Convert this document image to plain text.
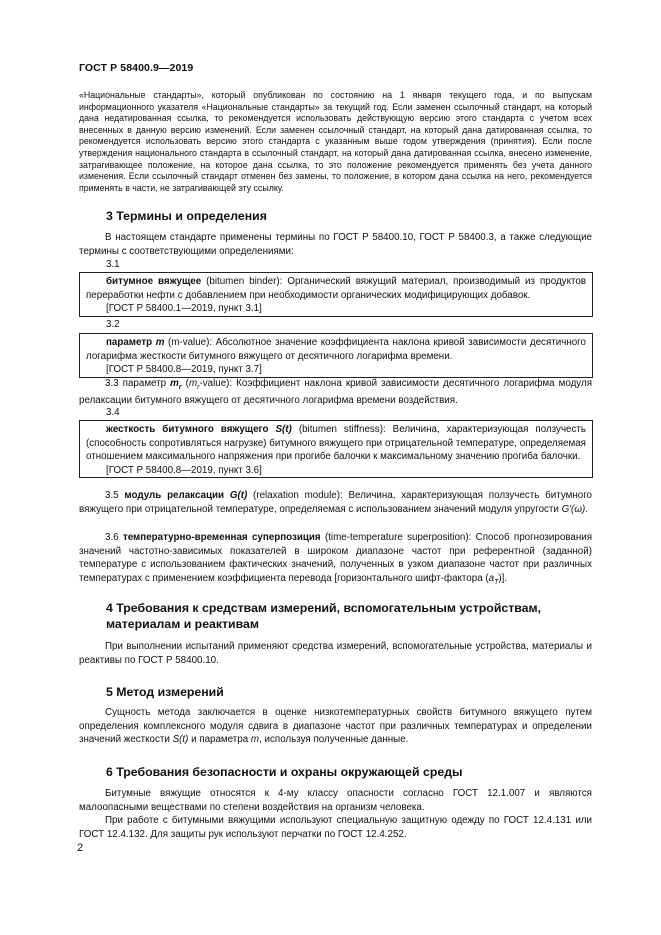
ГОСТ Р 58400.9—2019
«Национальные стандарты», который опубликован по состоянию на 1 января текущего года, и по выпускам информационного указателя «Национальные стандарты» за текущий год. Если заменен ссылочный стандарт, на который дана недатированная ссылка, то рекомендуется использовать действующую версию этого стандарта с учетом всех внесенных в данную версию изменений. Если заменен ссылочный стандарт, на который дана датированная ссылка, то рекомендуется использовать версию этого стандарта с указанным выше годом утверждения (принятия). Если после утверждения национального стандарта в ссылочный стандарт, на который дана датированная ссылка, внесено изменение, затрагивающее положение, на которое дана ссылка, то это положение рекомендуется применять без учета данного изменения. Если ссылочный стандарт отменен без замены, то положение, в котором дана ссылка на него, рекомендуется применять в части, не затрагивающей эту ссылку.
3 Термины и определения
В настоящем стандарте применены термины по ГОСТ Р 58400.10, ГОСТ Р 58400.3, а также следующие термины с соответствующими определениями:
3.1
битумное вяжущее (bitumen binder): Органический вяжущий материал, производимый из продуктов переработки нефти с добавлением при необходимости органических модифицирующих добавок.
[ГОСТ Р 58400.1—2019, пункт 3.1]
3.2
параметр m (m-value): Абсолютное значение коэффициента наклона кривой зависимости десятичного логарифма жесткости битумного вяжущего от десятичного логарифма времени.
[ГОСТ Р 58400.8—2019, пункт 3.7]
3.3 параметр $m_r$ $(m_r-value)$: Коэффициент наклона кривой зависимости десятичного логарифма модуля релаксации битумного вяжущего от десятичного логарифма времени воздействия.
3.4
жесткость битумного вяжущего S(t) (bitumen stiffness): Величина, характеризующая ползучесть (способность сопротивляться нагрузке) битумного вяжущего при отрицательной температуре, определяемая отношением максимального напряжения при прогибе балочки к максимальному значению прогиба балочки.
[ГОСТ Р 58400.8—2019, пункт 3.6]
3.5 модуль релаксации G(t) (relaxation module): Величина, характеризующая ползучесть битумного вяжущего при отрицательной температуре, определяемая с использованием значений модуля упругости G′(ω).
3.6 температурно-временная суперпозиция (time-temperature superposition): Способ прогнозирования значений частотно-зависимых показателей в широком диапазоне частот при референтной (заданной) температуре с использованием фактических значений, полученных в узком диапазоне частот при различных температурах с применением коэффициента перевода [горизонтального шифт-фактора $(a_T)$].
4 Требования к средствам измерений, вспомогательным устройствам, материалам и реактивам
При выполнении испытаний применяют средства измерений, вспомогательные устройства, материалы и реактивы по ГОСТ Р 58400.10.
5 Метод измерений
Сущность метода заключается в оценке низкотемпературных свойств битумного вяжущего путем определения комплексного модуля сдвига в диапазоне частот при различных температурах и определении значений жесткости S(t) и параметра m, используя полученные данные.
6 Требования безопасности и охраны окружающей среды
Битумные вяжущие относятся к 4-му классу опасности согласно ГОСТ 12.1.007 и являются малоопасными веществами по степени воздействия на организм человека.
При работе с битумными вяжущими используют специальную защитную одежду по ГОСТ 12.4.131 или ГОСТ 12.4.132. Для защиты рук используют перчатки по ГОСТ 12.4.252.
2
